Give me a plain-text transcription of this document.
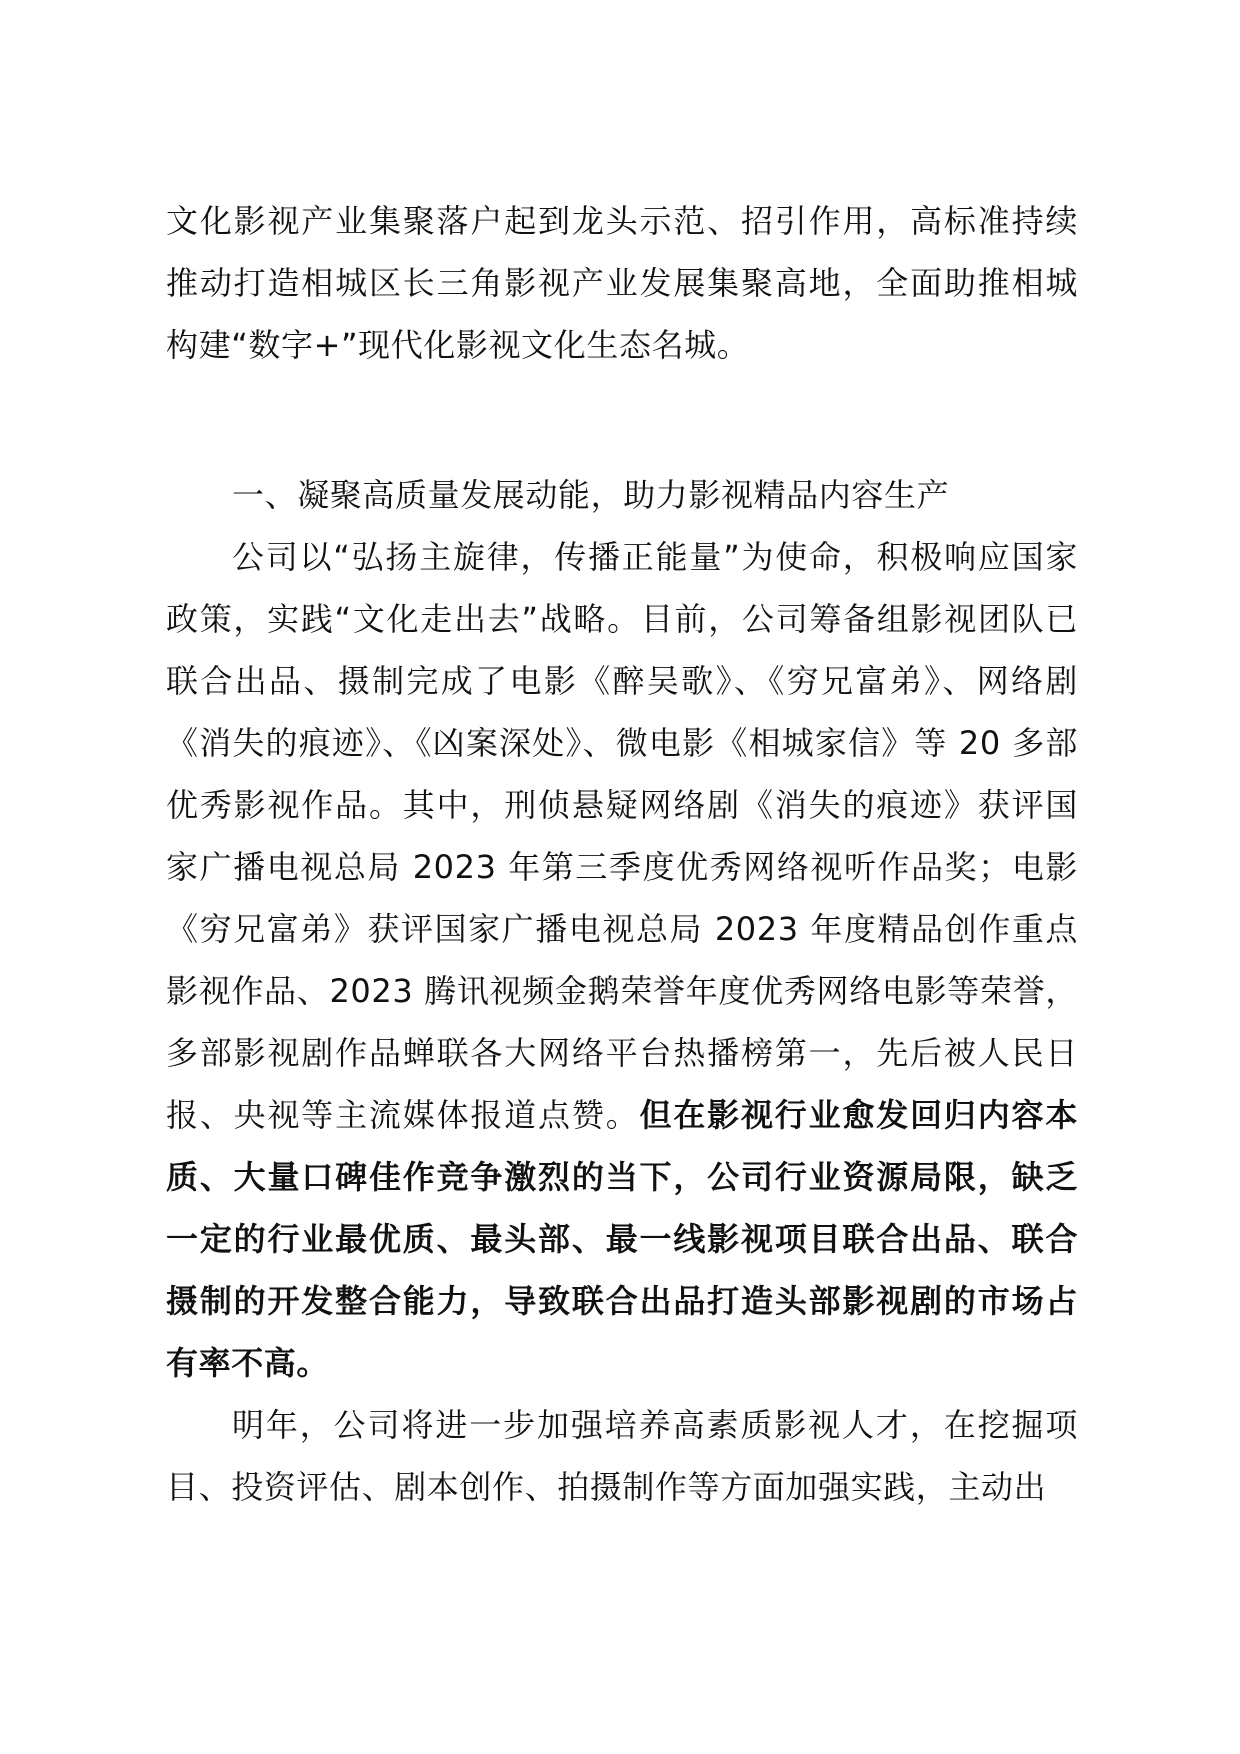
文化影视产业集聚落户起到龙头示范、招引作用，高标准持续推动打造相城区长三角影视产业发展集聚高地，全面助推相城构建“数字+”现代化影视文化生态名城。

一、凝聚高质量发展动能，助力影视精品内容生产

公司以“弘扬主旋律，传播正能量”为使命，积极响应国家政策，实践“文化走出去”战略。目前，公司筹备组影视团队已联合出品、摄制完成了电影《醉吴歌》、《穷兄富弟》、网络剧《消失的痕迹》、《凶案深处》、微电影《相城家信》等 20 多部优秀影视作品。其中，刑侦悬疑网络剧《消失的痕迹》获评国家广播电视总局 2023 年第三季度优秀网络视听作品奖；电影《穷兄富弟》获评国家广播电视总局 2023 年度精品创作重点影视作品、2023 腾讯视频金鹅荣誉年度优秀网络电影等荣誉，多部影视剧作品蝉联各大网络平台热播榜第一，先后被人民日报、央视等主流媒体报道点赞。但在影视行业愈发回归内容本质、大量口碑佳作竞争激烈的当下，公司行业资源局限，缺乏一定的行业最优质、最头部、最一线影视项目联合出品、联合摄制的开发整合能力，导致联合出品打造头部影视剧的市场占有率不高。

明年，公司将进一步加强培养高素质影视人才，在挖掘项目、投资评估、剧本创作、拍摄制作等方面加强实践，主动出
